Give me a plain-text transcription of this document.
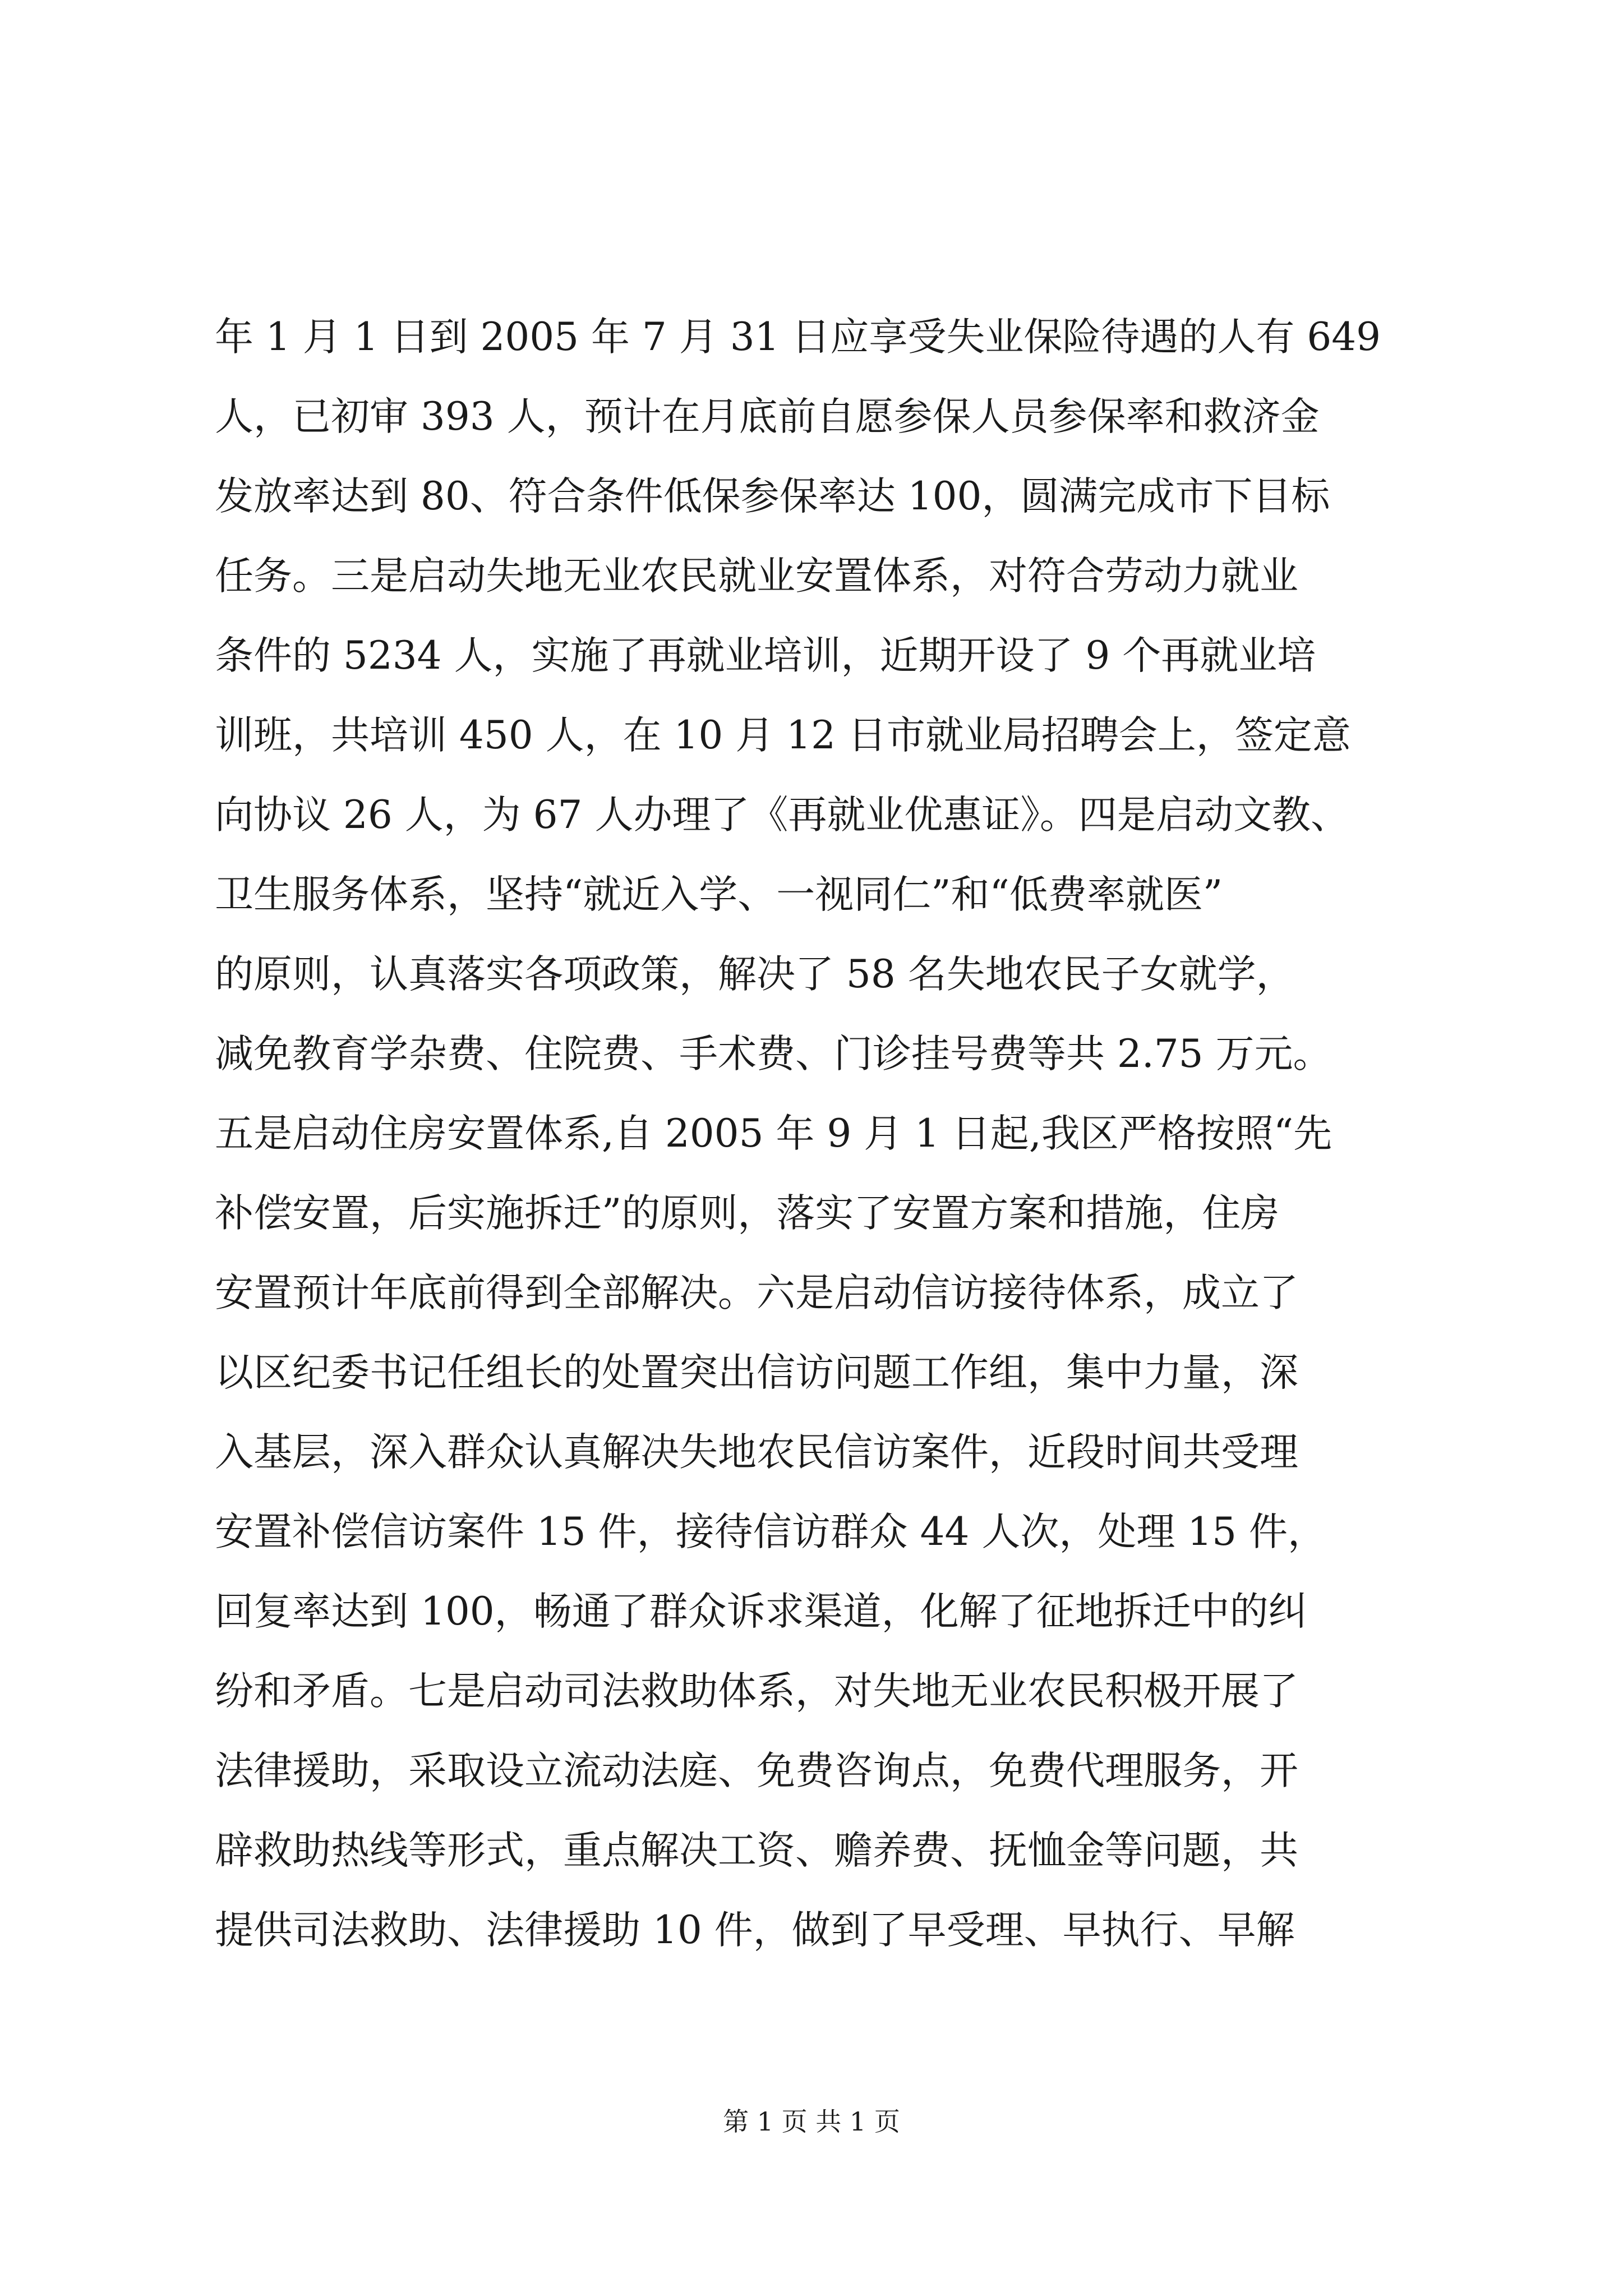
年 1 月 1 日到 2005 年 7 月 31 日应享受失业保险待遇的人有 649
人，已初审 393 人，预计在月底前自愿参保人员参保率和救济金
发放率达到 80、符合条件低保参保率达 100，圆满完成市下目标
任务。三是启动失地无业农民就业安置体系，对符合劳动力就业
条件的 5234 人，实施了再就业培训，近期开设了 9 个再就业培
训班，共培训 450 人，在 10 月 12 日市就业局招聘会上，签定意
向协议 26 人，为 67 人办理了《再就业优惠证》。四是启动文教、
卫生服务体系，坚持“就近入学、一视同仁”和“低费率就医”
的原则，认真落实各项政策，解决了 58 名失地农民子女就学，
减免教育学杂费、住院费、手术费、门诊挂号费等共 2.75 万元。
五是启动住房安置体系,自 2005 年 9 月 1 日起,我区严格按照“先
补偿安置，后实施拆迁”的原则，落实了安置方案和措施，住房
安置预计年底前得到全部解决。六是启动信访接待体系，成立了
以区纪委书记任组长的处置突出信访问题工作组，集中力量，深
入基层，深入群众认真解决失地农民信访案件，近段时间共受理
安置补偿信访案件 15 件，接待信访群众 44 人次，处理 15 件，
回复率达到 100，畅通了群众诉求渠道，化解了征地拆迁中的纠
纷和矛盾。七是启动司法救助体系，对失地无业农民积极开展了
法律援助，采取设立流动法庭、免费咨询点，免费代理服务，开
辟救助热线等形式，重点解决工资、赡养费、抚恤金等问题，共
提供司法救助、法律援助 10 件，做到了早受理、早执行、早解
第 1 页 共 1 页
